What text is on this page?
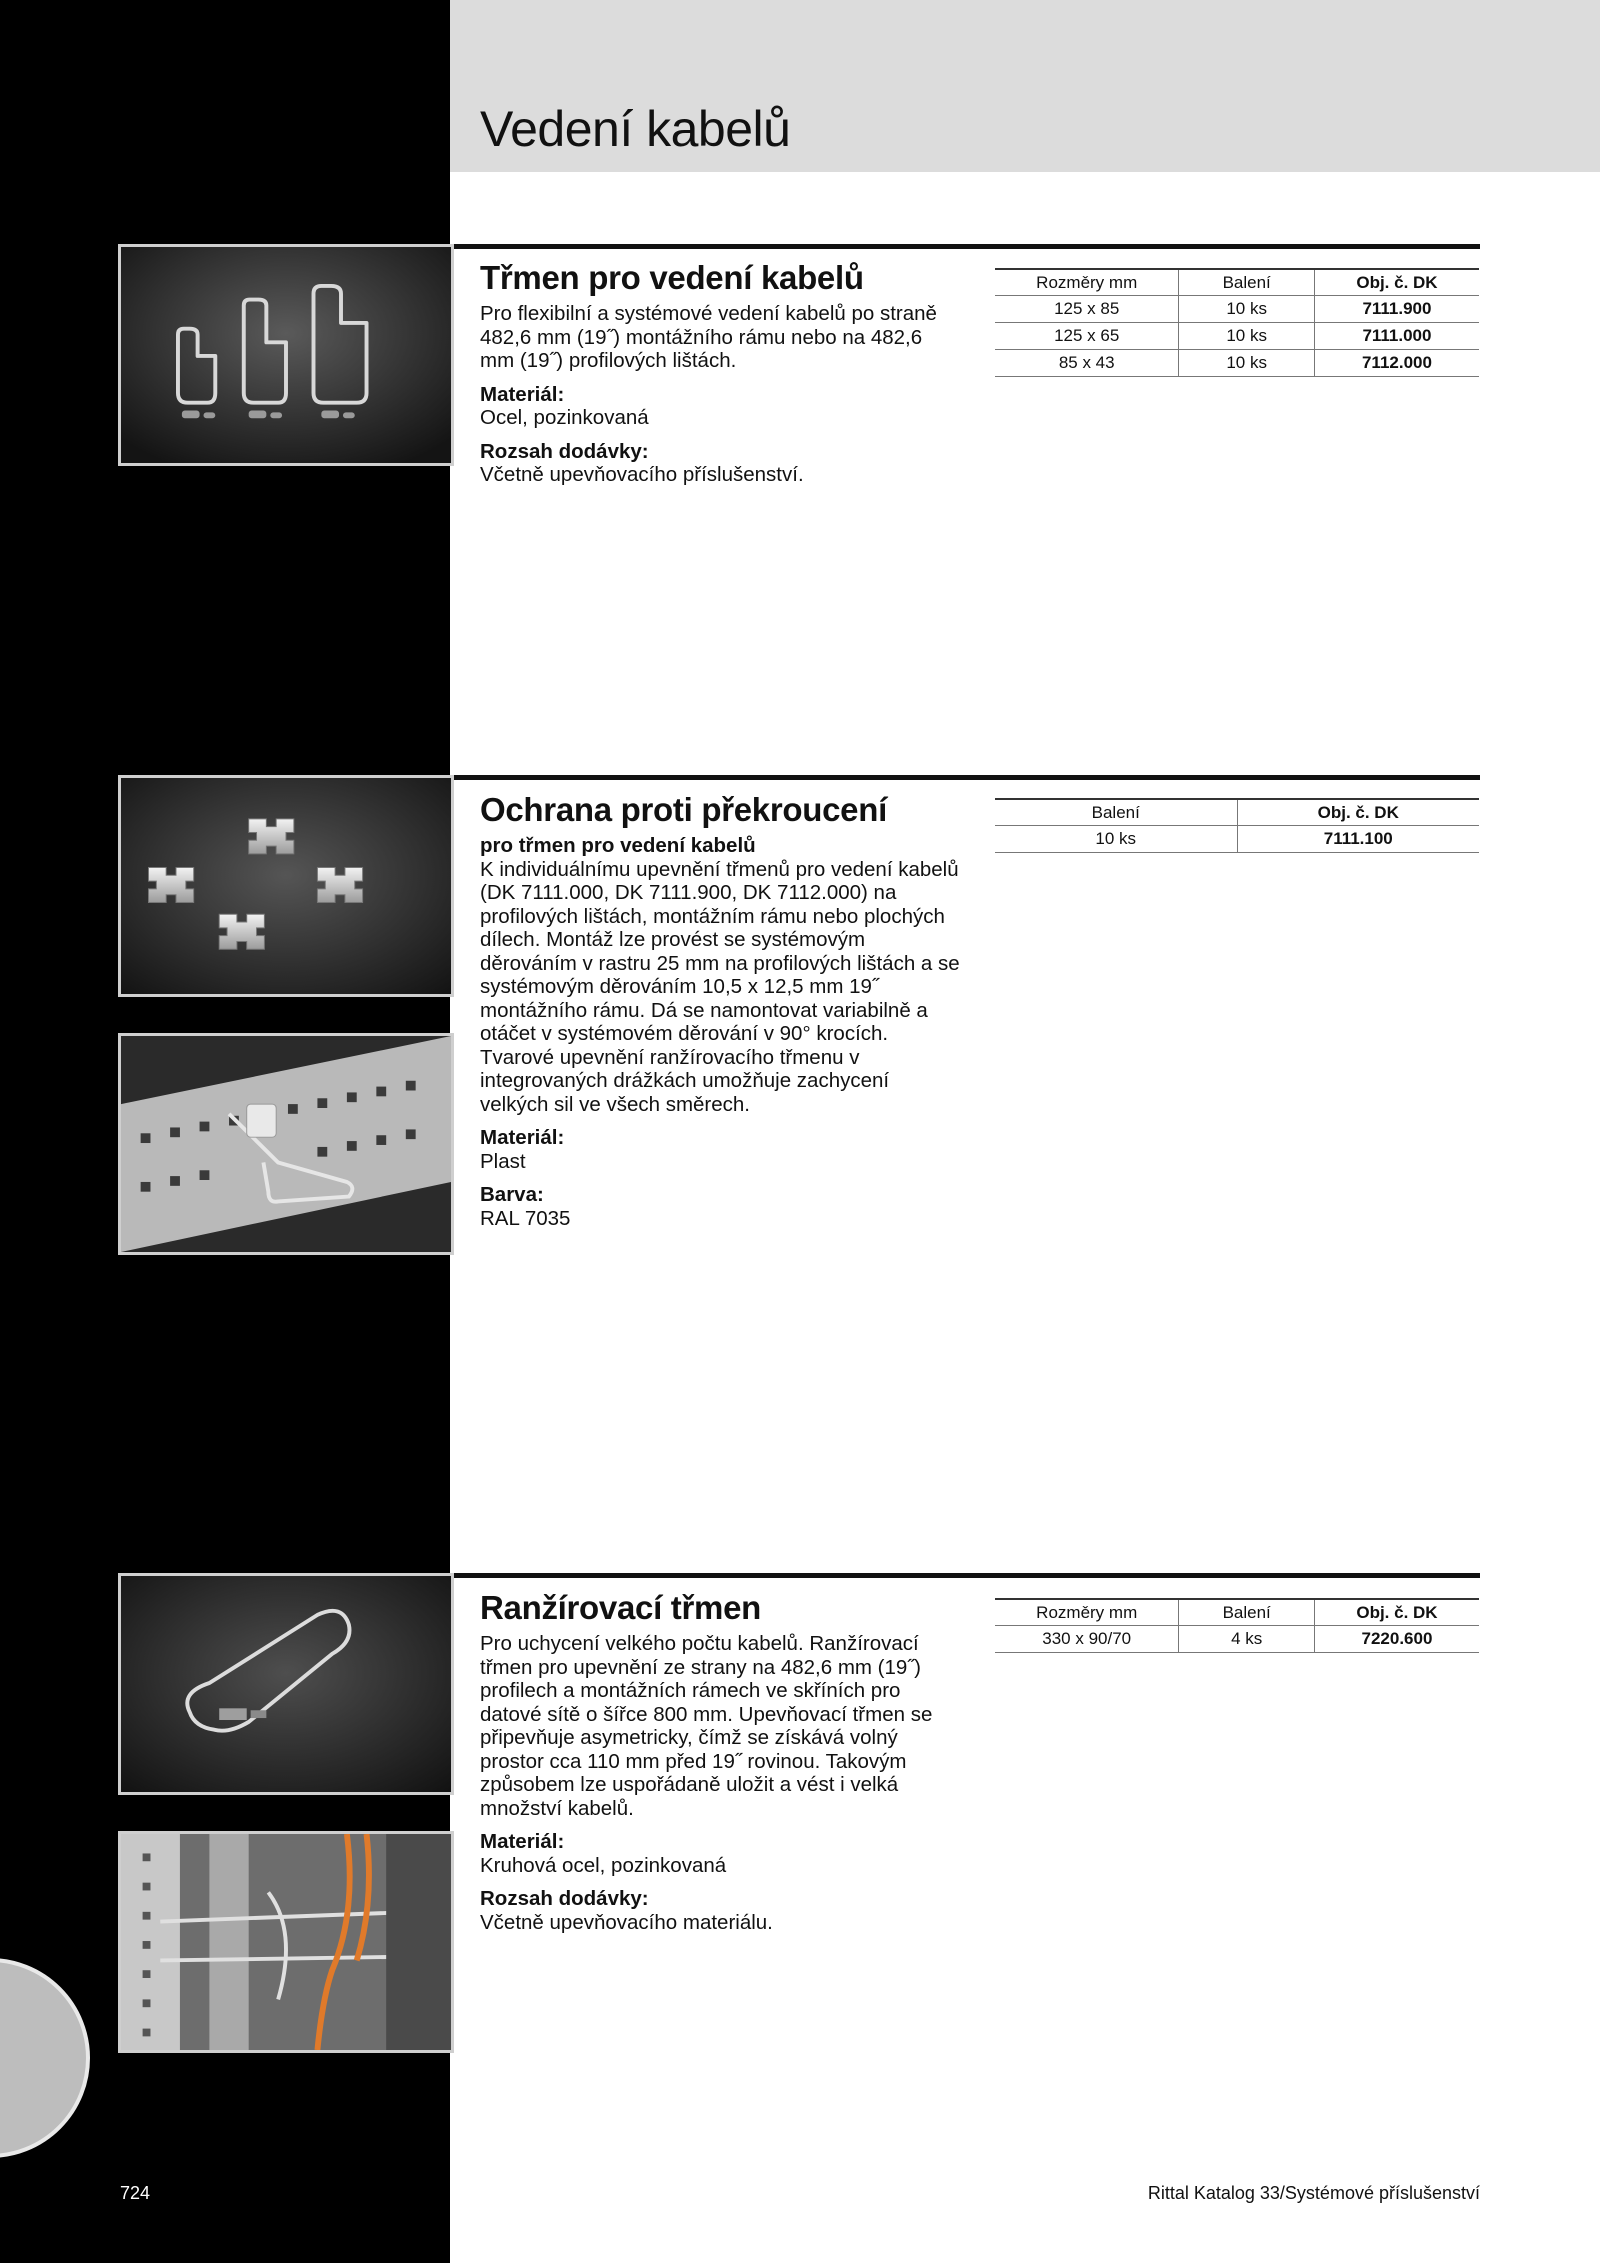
Vedení kabelů
Třmen pro vedení kabelů

Pro flexibilní a systémové vedení kabelů po straně 482,6 mm (19˝) montážního rámu nebo na 482,6 mm (19˝) profilových lištách.

Materiál:

Ocel, pozinkovaná

Rozsah dodávky:

Včetně upevňovacího příslušenství.

Rozměry mm	Balení	Obj. č. DK
125 x 85	10 ks	7111.900
125 x 65	10 ks	7111.000
85 x 43	10 ks	7112.000
Ochrana proti překroucení

pro třmen pro vedení kabelů

K individuálnímu upevnění třmenů pro vedení kabelů (DK 7111.000, DK 7111.900, DK 7112.000) na profilových lištách, montážním rámu nebo plochých dílech. Montáž lze provést se systémovým děrováním v rastru 25 mm na profilových lištách a se systémovým děrováním 10,5 x 12,5 mm 19˝ montážního rámu. Dá se namontovat variabilně a otáčet v systémovém děrování v 90° krocích. Tvarové upevnění ranžírovacího třmenu v integrovaných drážkách umožňuje zachycení velkých sil ve všech směrech.

Materiál:

Plast

Barva:

RAL 7035

Balení	Obj. č. DK
10 ks	7111.100
Ranžírovací třmen

Pro uchycení velkého počtu kabelů. Ranžírovací třmen pro upevnění ze strany na 482,6 mm (19˝) profilech a montážních rámech ve skříních pro datové sítě o šířce 800 mm. Upevňovací třmen se připevňuje asymetricky, čímž se získává volný prostor cca 110 mm před 19˝ rovinou. Takovým způsobem lze uspořádaně uložit a vést i velká množství kabelů.

Materiál:

Kruhová ocel, pozinkovaná

Rozsah dodávky:

Včetně upevňovacího materiálu.

Rozměry mm	Balení	Obj. č. DK
330 x 90/70	4 ks	7220.600
724	Rittal Katalog 33/Systémové příslušenství
